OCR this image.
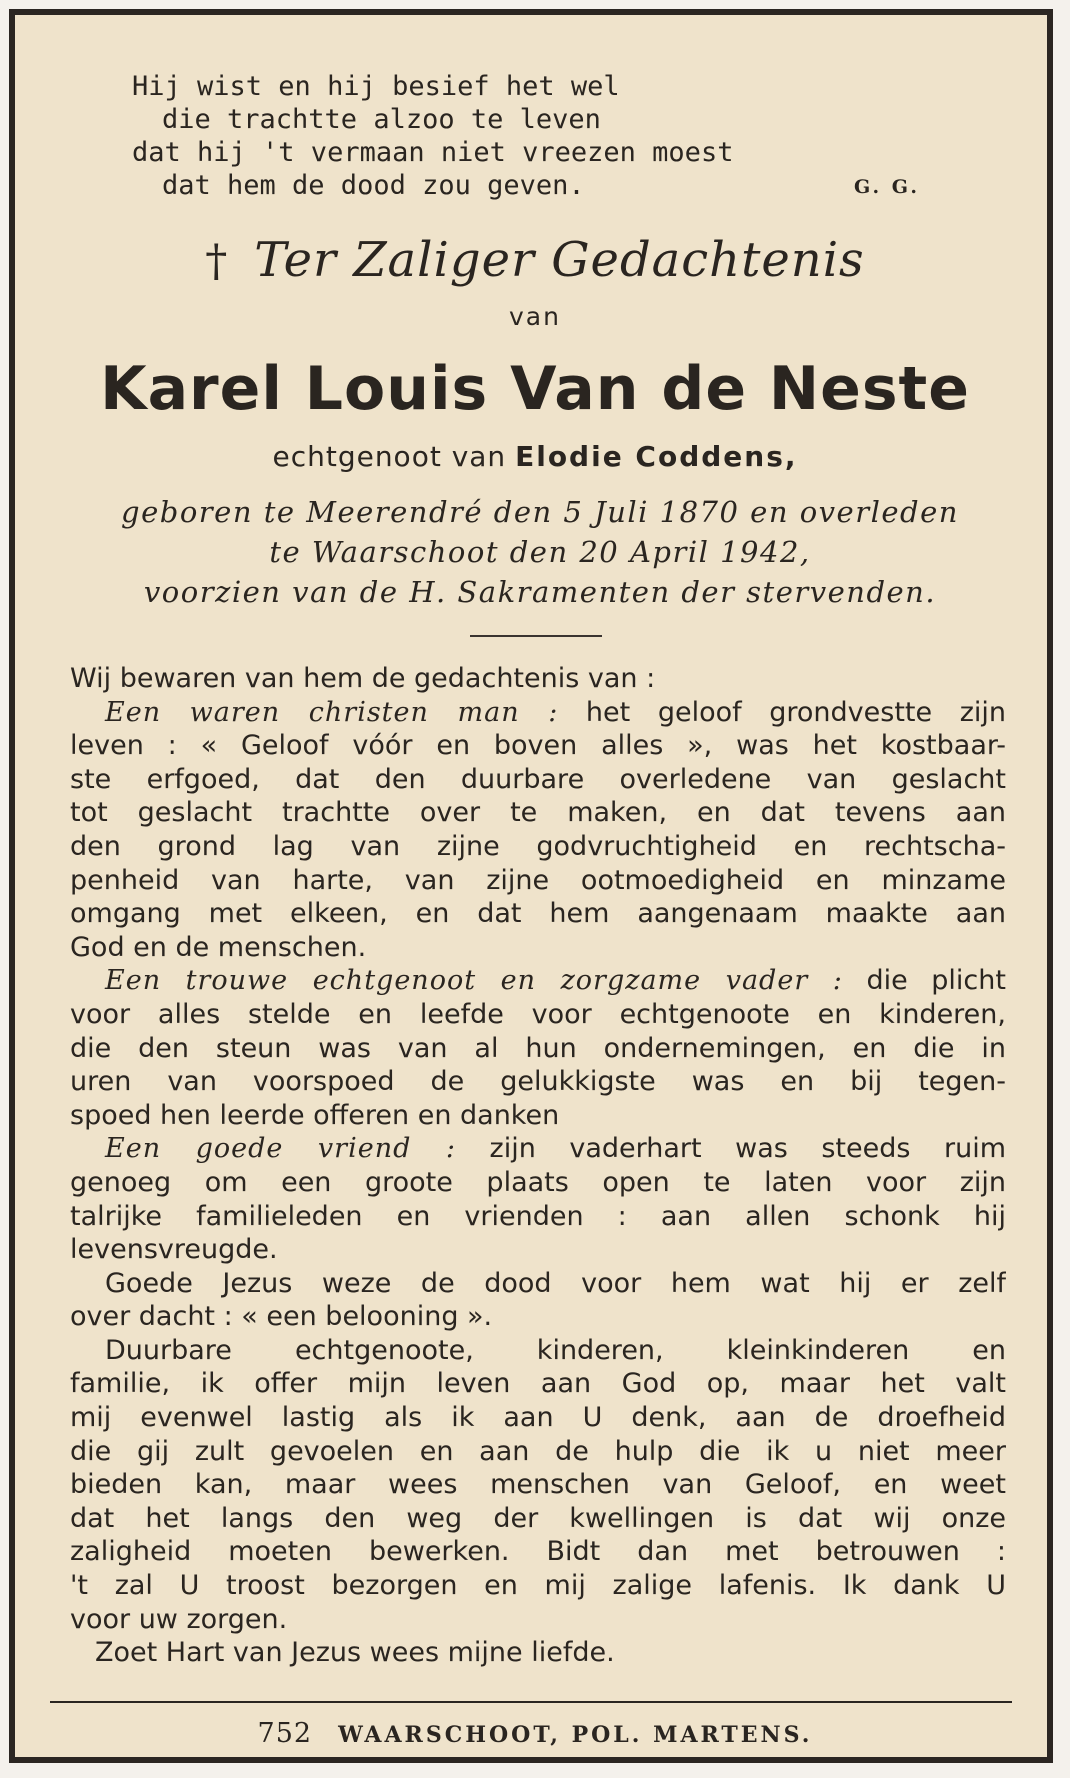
Hij wist en hij besief het wel
die trachtte alzoo te leven
dat hij 't vermaan niet vreezen moest
dat hem de dood zou geven.	G. G.
† Ter Zaliger Gedachtenis
van
Karel Louis Van de Neste
echtgenoot van Elodie Coddens,
geboren te Meerendré den 5 Juli 1870 en overleden
te Waarschoot den 20 April 1942,
voorzien van de H. Sakramenten der stervenden.
Wij bewaren van hem de gedachtenis van :
Een waren christen man : het geloof grondvestte zijn
leven : « Geloof vóór en boven alles », was het kostbaar-
ste erfgoed, dat den duurbare overledene van geslacht
tot geslacht trachtte over te maken, en dat tevens aan
den grond lag van zijne godvruchtigheid en rechtscha-
penheid van harte, van zijne ootmoedigheid en minzame
omgang met elkeen, en dat hem aangenaam maakte aan
God en de menschen.
Een trouwe echtgenoot en zorgzame vader : die plicht
voor alles stelde en leefde voor echtgenoote en kinderen,
die den steun was van al hun ondernemingen, en die in
uren van voorspoed de gelukkigste was en bij tegen-
spoed hen leerde offeren en danken
Een goede vriend : zijn vaderhart was steeds ruim
genoeg om een groote plaats open te laten voor zijn
talrijke familieleden en vrienden : aan allen schonk hij
levensvreugde.
Goede Jezus weze de dood voor hem wat hij er zelf
over dacht : « een belooning ».
Duurbare echtgenoote, kinderen, kleinkinderen en
familie, ik offer mijn leven aan God op, maar het valt
mij evenwel lastig als ik aan U denk, aan de droefheid
die gij zult gevoelen en aan de hulp die ik u niet meer
bieden kan, maar wees menschen van Geloof, en weet
dat het langs den weg der kwellingen is dat wij onze
zaligheid moeten bewerken. Bidt dan met betrouwen :
't zal U troost bezorgen en mij zalige lafenis. Ik dank U
voor uw zorgen.
Zoet Hart van Jezus wees mijne liefde.
752 WAARSCHOOT, POL. MARTENS.
